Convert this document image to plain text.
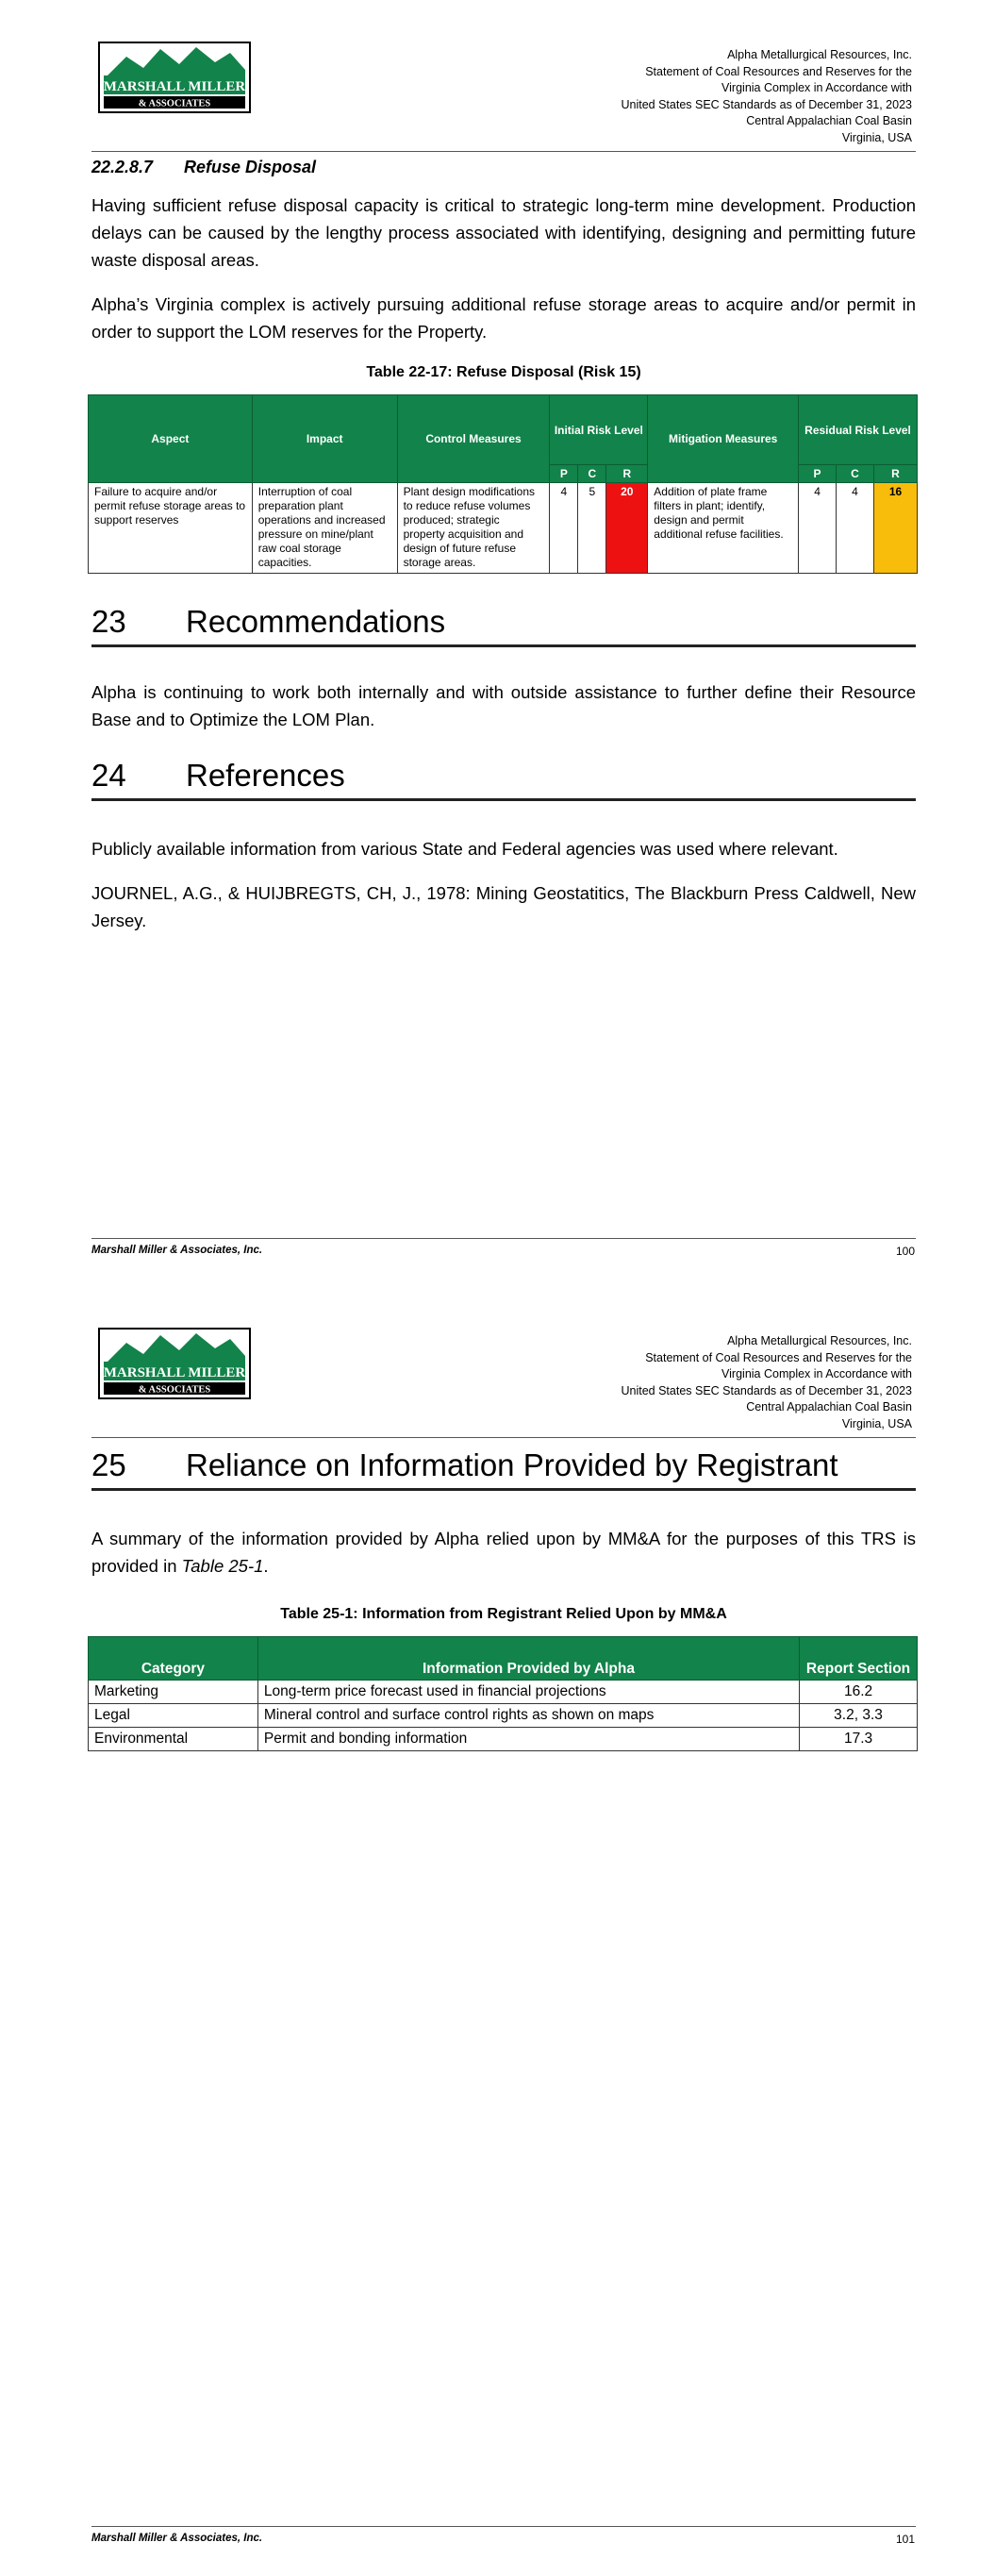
MARSHALL MILLER
& ASSOCIATES
Alpha Metallurgical Resources, Inc.
Statement of Coal Resources and Reserves for the
Virginia Complex in Accordance with
United States SEC Standards as of December 31, 2023
Central Appalachian Coal Basin
Virginia, USA
22.2.8.7 Refuse Disposal

Having sufficient refuse disposal capacity is critical to strategic long-term mine development. Production delays can be caused by the lengthy process associated with identifying, designing and permitting future waste disposal areas.

Alpha’s Virginia complex is actively pursuing additional refuse storage areas to acquire and/or permit in order to support the LOM reserves for the Property.

Table 22-17: Refuse Disposal (Risk 15)
Aspect	Impact	Control Measures	Initial Risk Level			Mitigation Measures	Residual Risk Level		
			P	C	R		P	C	R
Failure to acquire and/or permit refuse storage areas to support reserves	Interruption of coal preparation plant operations and increased pressure on mine/plant raw coal storage capacities.	Plant design modifications to reduce refuse volumes produced; strategic property acquisition and design of future refuse storage areas.	4	5	20	Addition of plate frame filters in plant; identify, design and permit additional refuse facilities.	4	4	16
23 Recommendations

Alpha is continuing to work both internally and with outside assistance to further define their Resource Base and to Optimize the LOM Plan.

24 References

Publicly available information from various State and Federal agencies was used where relevant.

JOURNEL, A.G., & HUIJBREGTS, CH, J., 1978: Mining Geostatitics, The Blackburn Press Caldwell, New Jersey.

Marshall Miller & Associates, Inc.	100
MARSHALL MILLER
& ASSOCIATES
Alpha Metallurgical Resources, Inc.
Statement of Coal Resources and Reserves for the
Virginia Complex in Accordance with
United States SEC Standards as of December 31, 2023
Central Appalachian Coal Basin
Virginia, USA
25 Reliance on Information Provided by Registrant

A summary of the information provided by Alpha relied upon by MM&A for the purposes of this TRS is provided in Table 25-1.

Table 25-1: Information from Registrant Relied Upon by MM&A
Category	Information Provided by Alpha	Report Section
Marketing	Long-term price forecast used in financial projections	16.2
Legal	Mineral control and surface control rights as shown on maps	3.2, 3.3
Environmental	Permit and bonding information	17.3
Marshall Miller & Associates, Inc.	101
